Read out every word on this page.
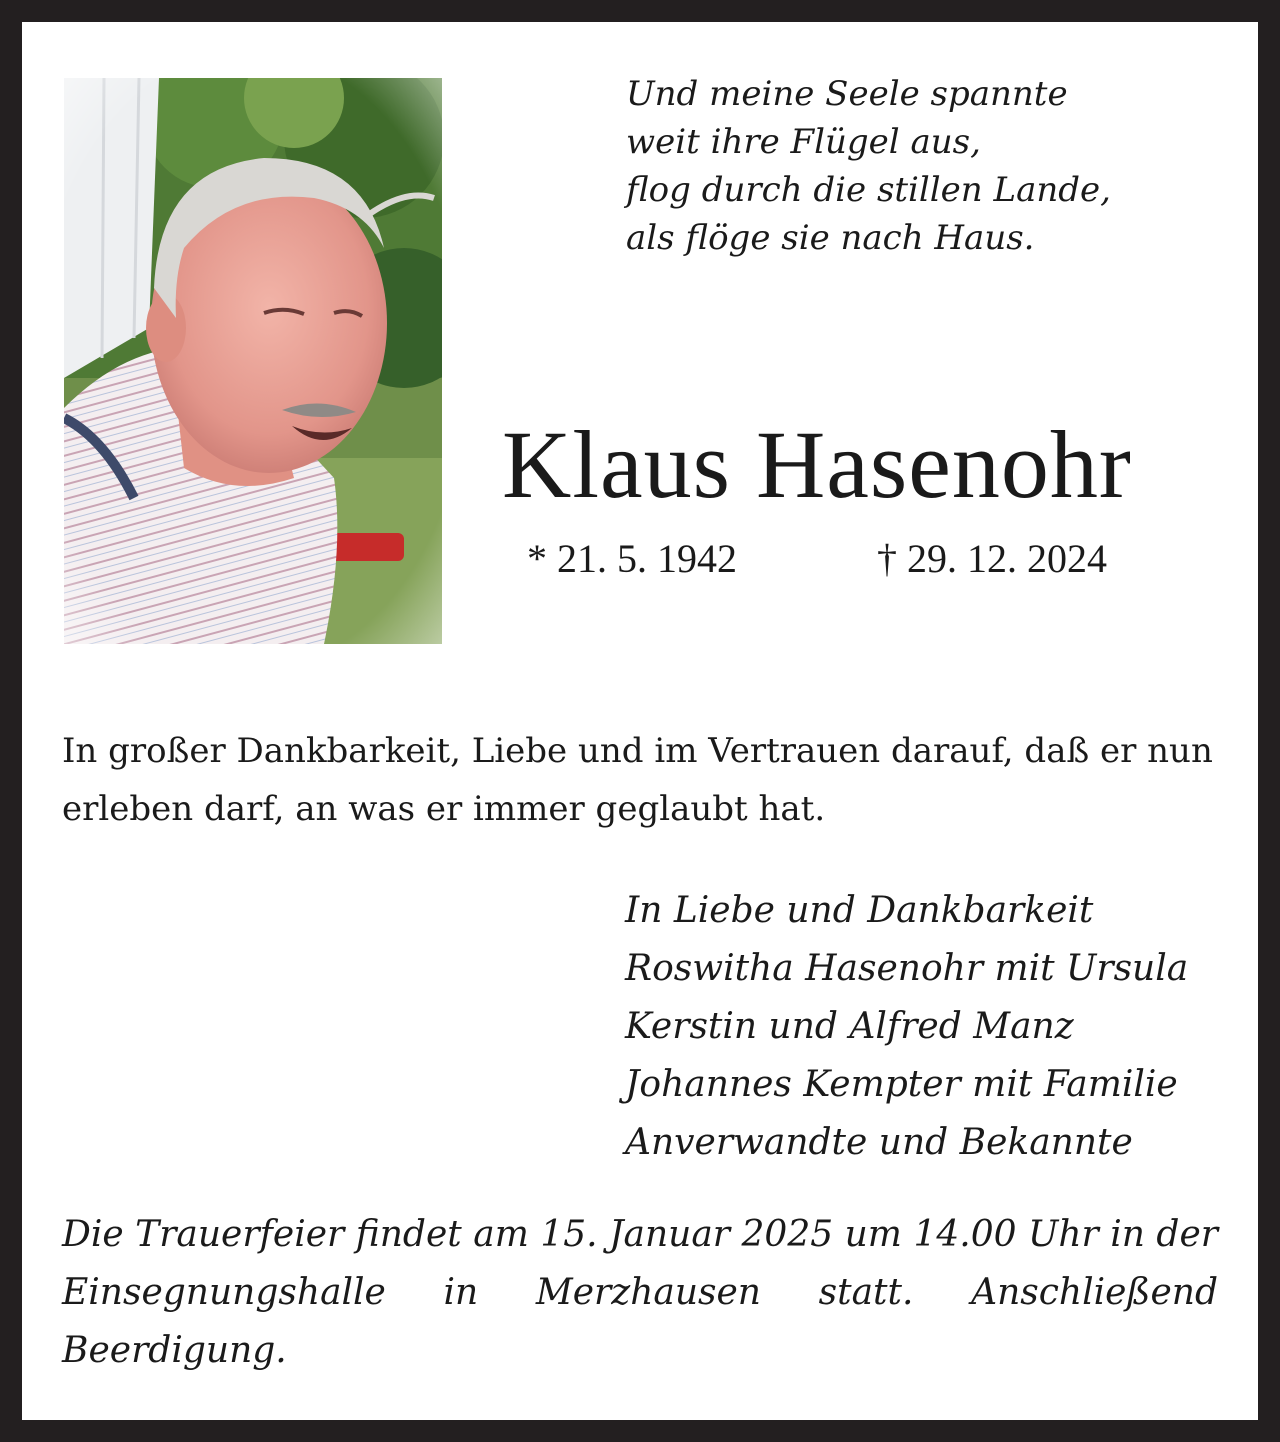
Und meine Seele spannte
weit ihre Flügel aus,
flog durch die stillen Lande,
als flöge sie nach Haus.
Klaus Hasenohr
* 21. 5. 1942	† 29. 12. 2024
In großer Dankbarkeit, Liebe und im Vertrauen darauf, daß er nun erleben darf, an was er immer geglaubt hat.
In Liebe und Dankbarkeit
Roswitha Hasenohr mit Ursula
Kerstin und Alfred Manz
Johannes Kempter mit Familie
Anverwandte und Bekannte
Die Trauerfeier findet am 15. Januar 2025 um 14.00 Uhr in der Einsegnungshalle in Merzhausen statt. Anschließend Beerdigung.
